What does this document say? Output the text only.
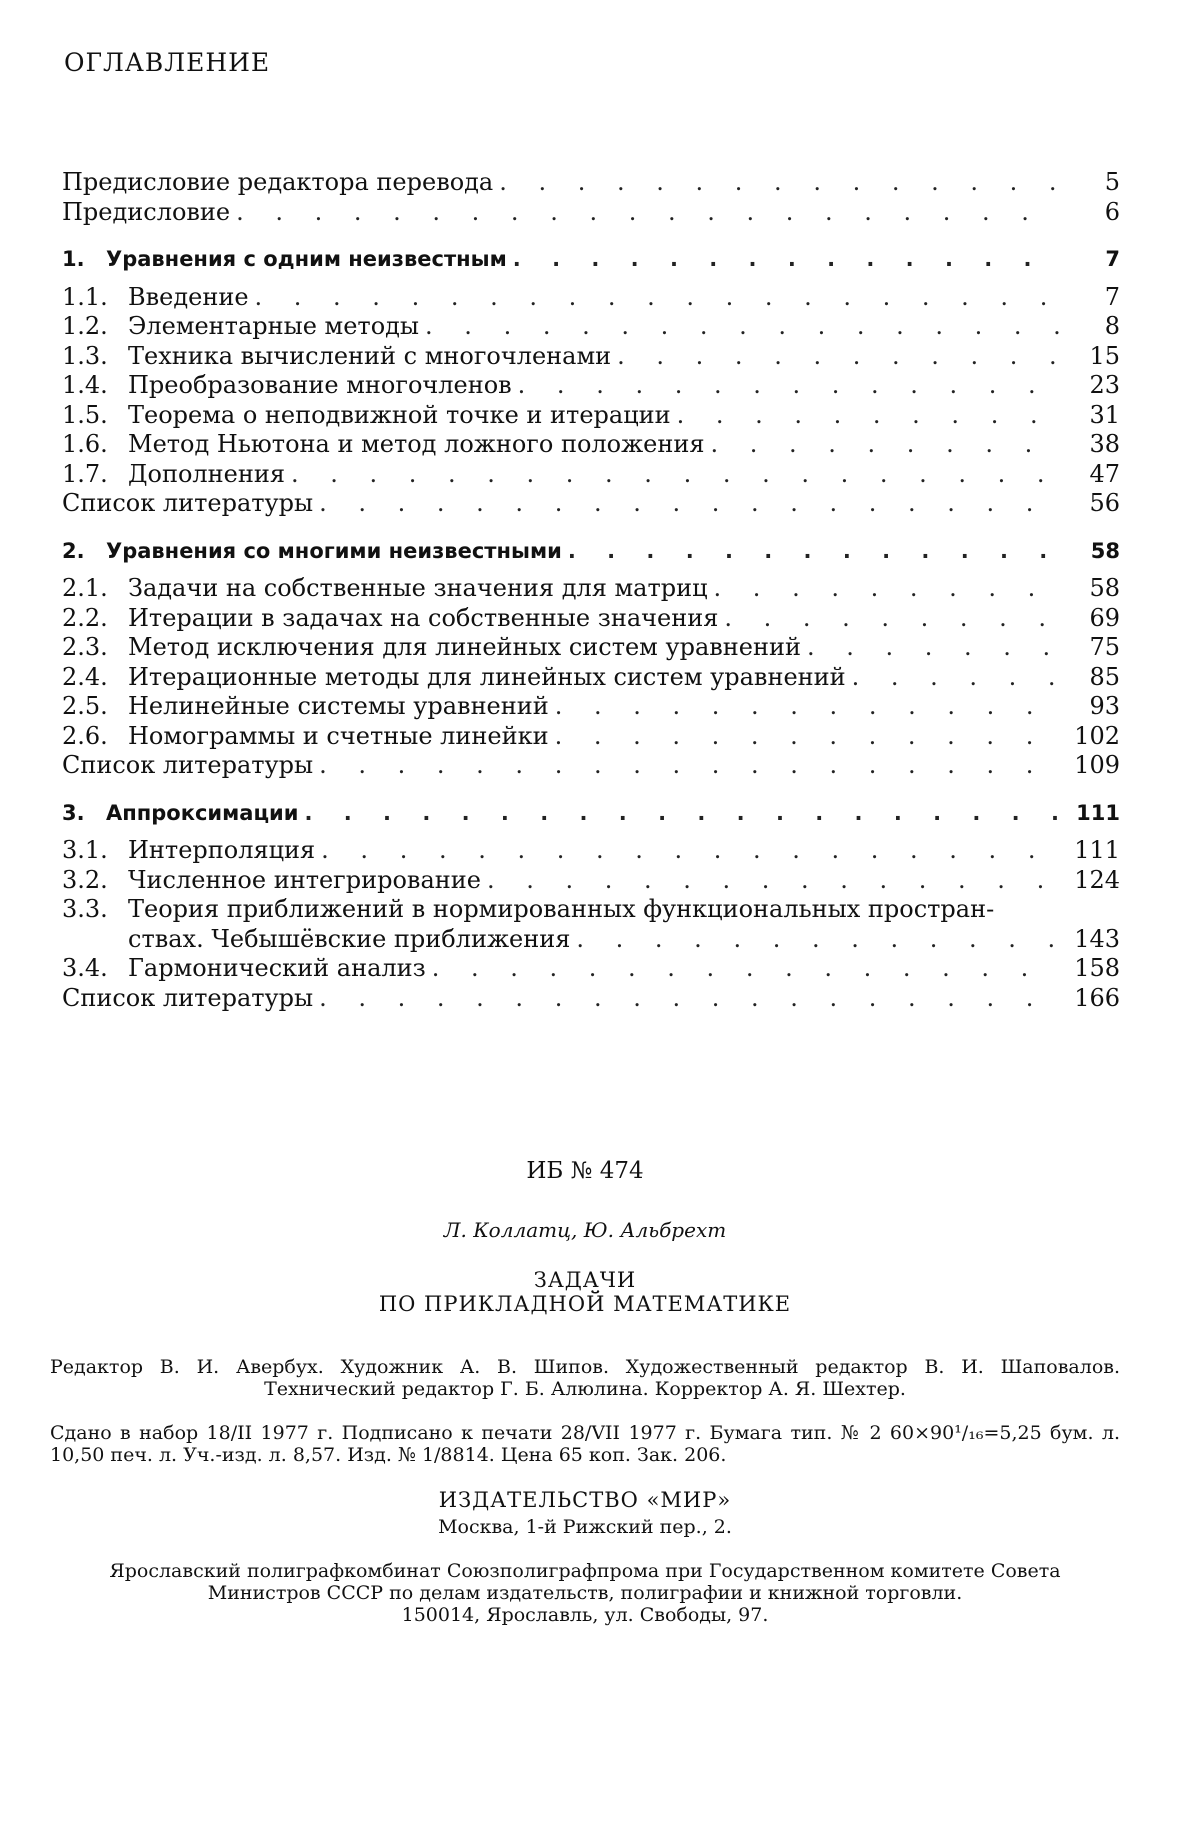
ОГЛАВЛЕНИЕ
Предисловие редактора перевода . . .	5
Предисловие . . .	6
1.	Уравнения с одним неизвестным . . .	7
1.1. Введение . . .	7
1.2. Элементарные методы . . .	8
1.3. Техника вычислений с многочленами . . .	15
1.4. Преобразование многочленов . . .	23
1.5. Теорема о неподвижной точке и итерации . . .	31
1.6. Метод Ньютона и метод ложного положения . . .	38
1.7. Дополнения . . .	47
Список литературы . . .	56
2.	Уравнения со многими неизвестными . . .	58
2.1. Задачи на собственные значения для матриц . . .	58
2.2. Итерации в задачах на собственные значения . . .	69
2.3. Метод исключения для линейных систем уравнений . . .	75
2.4. Итерационные методы для линейных систем уравнений . . .	85
2.5. Нелинейные системы уравнений . . .	93
2.6. Номограммы и счетные линейки . . .	102
Список литературы . . .	109
3.	Аппроксимации . . .	111
3.1. Интерполяция . . .	111
3.2. Численное интегрирование . . .	124
3.3. Теория приближений в нормированных функциональных простран-
ствах. Чебышёвские приближения . . .	143
3.4. Гармонический анализ . . .	158
Список литературы . . .	166
ИБ № 474
Л. Коллатц, Ю. Альбрехт
ЗАДАЧИ
ПО ПРИКЛАДНОЙ МАТЕМАТИКЕ
Редактор В. И. Авербух. Художник А. В. Шипов. Художественный редактор В. И. Шаповалов. Технический редактор Г. Б. Алюлина. Корректор А. Я. Шехтер.
Сдано в набор 18/II 1977 г. Подписано к печати 28/VII 1977 г. Бумага тип. № 2 60×90¹/₁₆=5,25 бум. л. 10,50 печ. л. Уч.-изд. л. 8,57. Изд. № 1/8814. Цена 65 коп. Зак. 206.
ИЗДАТЕЛЬСТВО «МИР»
Москва, 1-й Рижский пер., 2.
Ярославский полиграфкомбинат Союзполиграфпрома при Государственном комитете Совета
Министров СССР по делам издательств, полиграфии и книжной торговли.
150014, Ярославль, ул. Свободы, 97.
